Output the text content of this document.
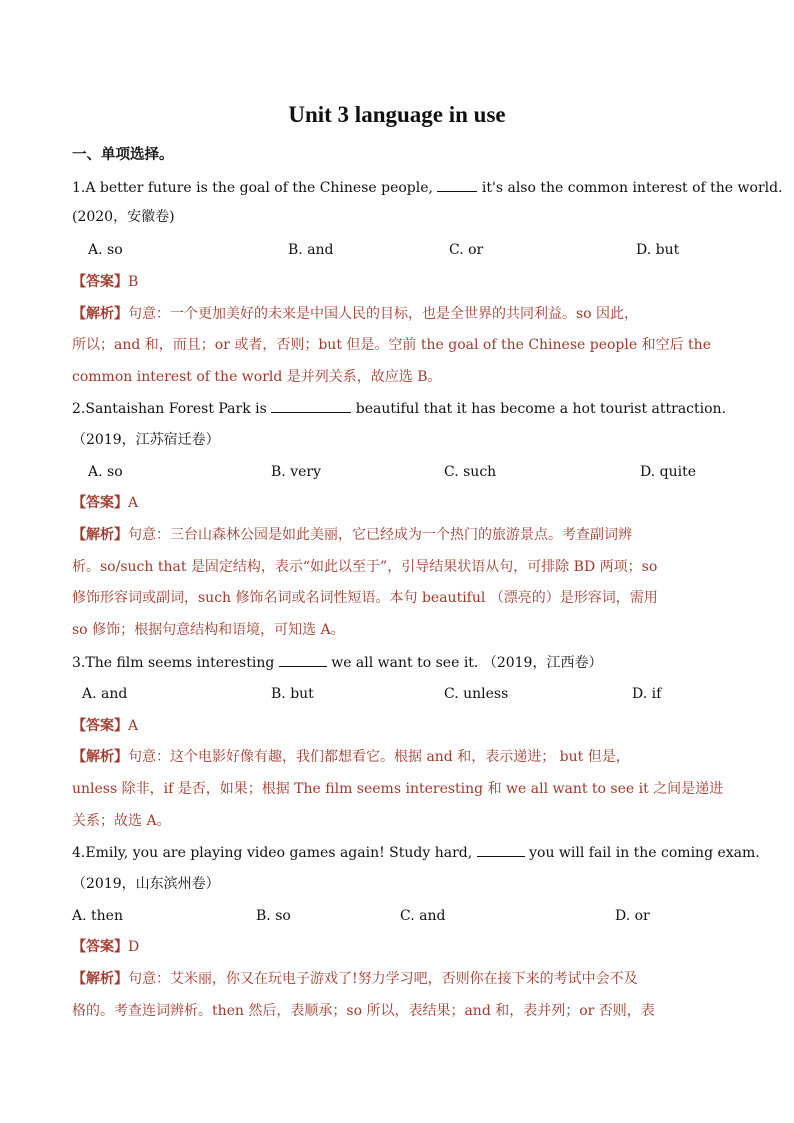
Unit 3 language in use
一、单项选择。
1.A better future is the goal of the Chinese people,	it's also the common interest of the world.
(2020，安徽卷)
A. so	B. and	C. or	D. but
【答案】B
【解析】句意：一个更加美好的未来是中国人民的目标，也是全世界的共同利益。so 因此，
所以；and 和，而且；or 或者，否则；but 但是。空前 the goal of the Chinese people 和空后 the
common interest of the world 是并列关系，故应选 B。
2.Santaishan Forest Park is	beautiful that it has become a hot tourist attraction.
（2019，江苏宿迁卷）
A. so	B. very	C. such	D. quite
【答案】A
【解析】句意：三台山森林公园是如此美丽，它已经成为一个热门的旅游景点。考查副词辨
析。so/such that 是固定结构，表示“如此以至于”，引导结果状语从句，可排除 BD 两项；so
修饰形容词或副词，such 修饰名词或名词性短语。本句 beautiful （漂亮的）是形容词，需用
so 修饰；根据句意结构和语境，可知选 A。
3.The film seems interesting	we all want to see it. （2019，江西卷）
A. and	B. but	C. unless	D. if
【答案】A
【解析】句意：这个电影好像有趣，我们都想看它。根据 and 和，表示递进； but 但是，
unless 除非，if 是否，如果；根据 The film seems interesting 和 we all want to see it 之间是递进
关系；故选 A。
4.Emily, you are playing video games again! Study hard,	you will fail in the coming exam.
（2019，山东滨州卷）
A. then	B. so	C. and	D. or
【答案】D
【解析】句意：艾米丽，你又在玩电子游戏了!努力学习吧，否则你在接下来的考试中会不及
格的。考查连词辨析。then 然后，表顺承；so 所以，表结果；and 和，表并列；or 否则，表
